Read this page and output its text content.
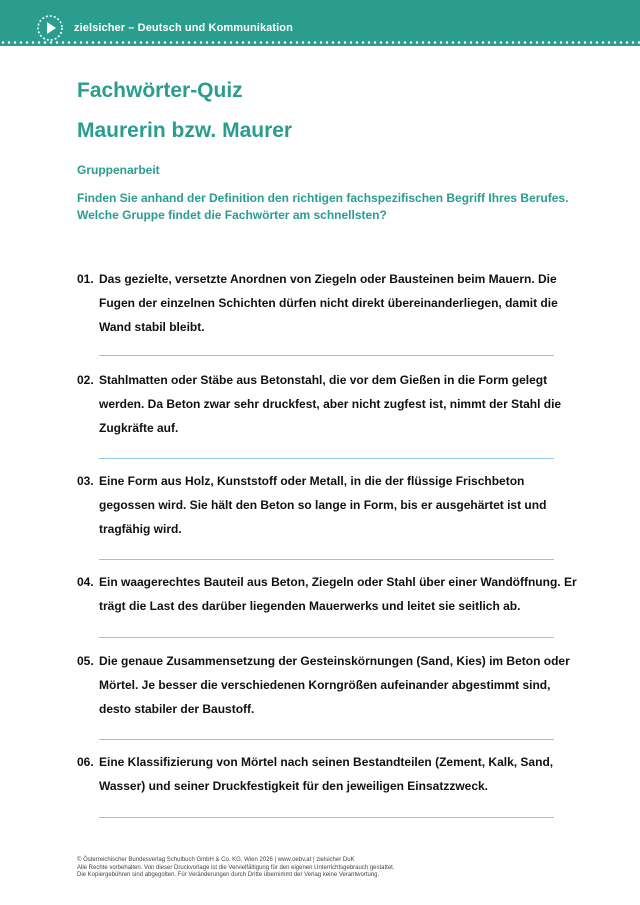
zielsicher – Deutsch und Kommunikation
Fachwörter-Quiz
Maurerin bzw. Maurer
Gruppenarbeit
Finden Sie anhand der Definition den richtigen fachspezifischen Begriff Ihres Berufes. Welche Gruppe findet die Fachwörter am schnellsten?
01. Das gezielte, versetzte Anordnen von Ziegeln oder Bausteinen beim Mauern. Die Fugen der einzelnen Schichten dürfen nicht direkt übereinanderliegen, damit die Wand stabil bleibt.
02. Stahlmatten oder Stäbe aus Betonstahl, die vor dem Gießen in die Form gelegt werden. Da Beton zwar sehr druckfest, aber nicht zugfest ist, nimmt der Stahl die Zugkräfte auf.
03. Eine Form aus Holz, Kunststoff oder Metall, in die der flüssige Frischbeton gegossen wird. Sie hält den Beton so lange in Form, bis er ausgehärtet ist und tragfähig wird.
04. Ein waagerechtes Bauteil aus Beton, Ziegeln oder Stahl über einer Wandöffnung. Er trägt die Last des darüber liegenden Mauerwerks und leitet sie seitlich ab.
05. Die genaue Zusammensetzung der Gesteinskörnungen (Sand, Kies) im Beton oder Mörtel. Je besser die verschiedenen Korngrößen aufeinander abgestimmt sind, desto stabiler der Baustoff.
06. Eine Klassifizierung von Mörtel nach seinen Bestandteilen (Zement, Kalk, Sand, Wasser) und seiner Druckfestigkeit für den jeweiligen Einsatzzweck.
© Österreichischer Bundesverlag Schulbuch GmbH & Co. KG, Wien 2026 | www.oebv.at | zielsicher DuK
Alle Rechte vorbehalten. Von dieser Druckvorlage ist die Vervielfältigung für den eigenen Unterrichtsgebrauch gestattet.
Die Kopiergebühren sind abgegolten. Für Veränderungen durch Dritte übernimmt der Verlag keine Verantwortung.
